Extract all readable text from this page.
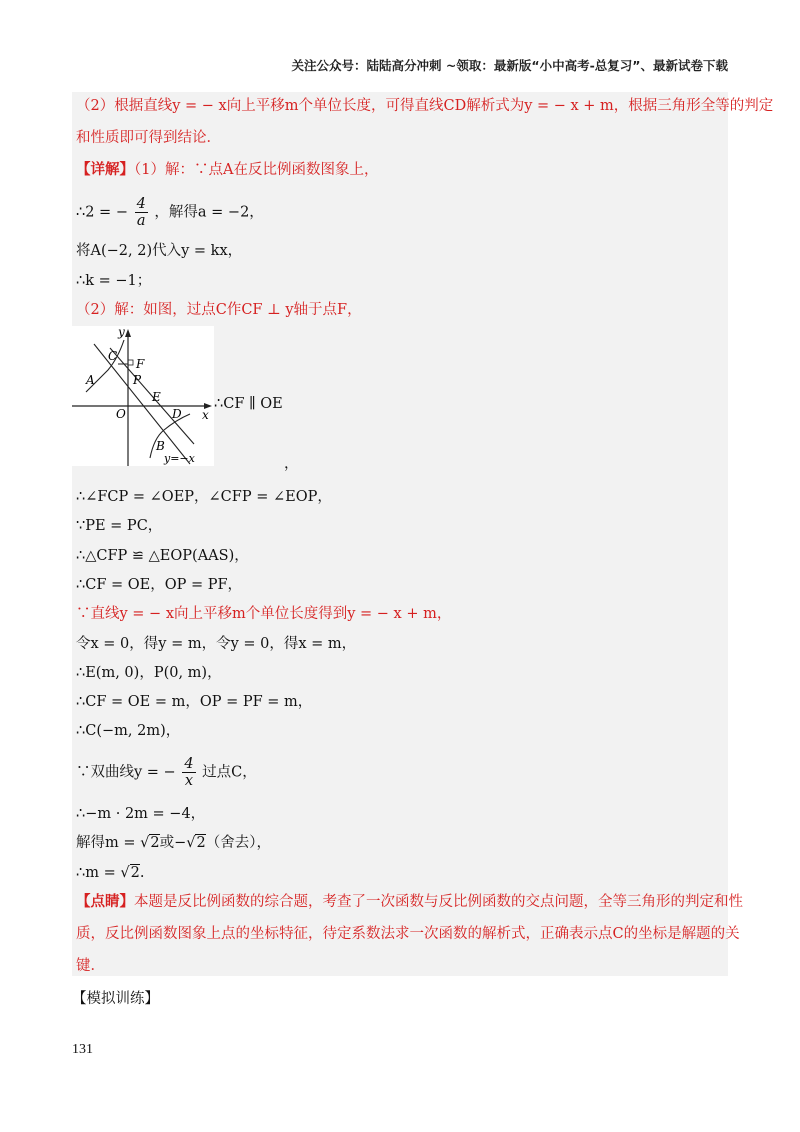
关注公众号：陆陆高分冲刺 ~领取：最新版“小中高考-总复习”、最新试卷下载
（2）根据直线y = − x向上平移m个单位长度，可得直线CD解析式为y = − x + m，根据三角形全等的判定
和性质即可得到结论．
【详解】（1）解：∵点A在反比例函数图象上，
∴2 = − $\frac{4}{a}$ ，解得a = −2，
将A(−2, 2)代入y = kx，
∴k = −1；
（2）解：如图，过点C作CF ⊥ y轴于点F，
y
x
O
A
C
F
P
E
D
B
y=−x
∴CF ∥ OE
，
∴∠FCP = ∠OEP，∠CFP = ∠EOP，
∵PE = PC，
∴△CFP ≌ △EOP(AAS)，
∴CF = OE，OP = PF，
∵直线y = − x向上平移m个单位长度得到y = − x + m，
令x = 0，得y = m，令y = 0，得x = m，
∴E(m, 0)，P(0, m)，
∴CF = OE = m，OP = PF = m，
∴C(−m, 2m)，
∵双曲线y = − $\frac{4}{x}$ 过点C，
∴−m · 2m = −4，
解得m = √2或−√2（舍去），
∴m = √2.
【点睛】本题是反比例函数的综合题，考查了一次函数与反比例函数的交点问题，全等三角形的判定和性
质，反比例函数图象上点的坐标特征，待定系数法求一次函数的解析式，正确表示点C的坐标是解题的关
键．
【模拟训练】
131
